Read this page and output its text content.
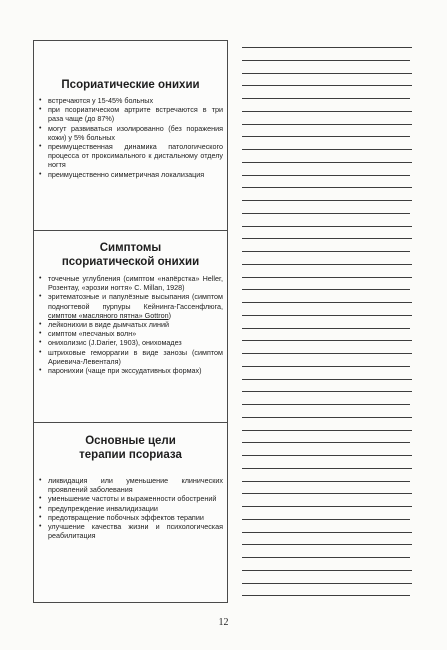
Псориатические онихии
• встречаются у 15-45% больных
• при псориатическом артрите встречаются в три раза чаще (до 87%)
• могут развиваться изолированно (без поражения кожи) у 5% больных
• преимущественная динамика патологического процесса от проксимального к дистальному отделу ногтя
• преимущественно симметричная локализация
Симптомы
псориатической онихии
• точечные углубления (симптом «напёрстка» Heller, Розентау, «эрозии ногтя» С. Millan, 1928)
• эритематозные и папулёзные высыпания (симптом подногтевой пурпуры Кейнинга-Гассенфлюга, симптом «масляного пятна» Gottron)
• лейконихии в виде дымчатых линий
• симптом «песчаных волн»
• онихолизис (J.Darier, 1903), онихомадез
• штриховые геморрагии в виде занозы (симптом Ариевича-Левенталя)
• паронихии (чаще при экссудативных формах)
Основные цели
терапии псориаза
• ликвидация или уменьшение клинических проявлений заболевания
• уменьшение частоты и выраженности обострений
• предупреждение инвалидизации
• предотвращение побочных эффектов терапии
• улучшение качества жизни и психологическая реабилитация
12
